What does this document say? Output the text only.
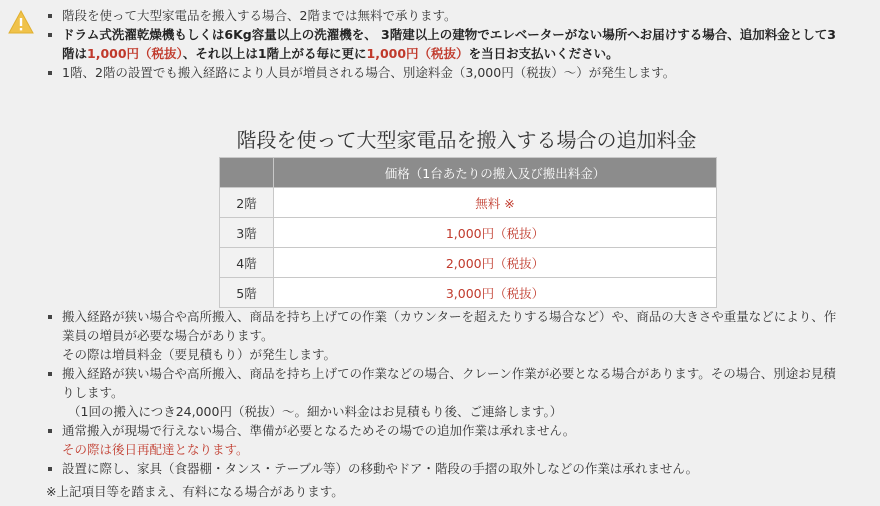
階段を使って大型家電品を搬入する場合、2階までは無料で承ります。
ドラム式洗濯乾燥機もしくは6Kg容量以上の洗濯機を、 3階建以上の建物でエレベーターがない場所へお届けする場合、追加料金として3
階は1,000円（税抜）、それ以上は1階上がる毎に更に1,000円（税抜）を当日お支払いください。
1階、2階の設置でも搬入経路により人員が増員される場合、別途料金（3,000円（税抜）〜）が発生します。
階段を使って大型家電品を搬入する場合の追加料金
	価格（1台あたりの搬入及び搬出料金）
2階	無料 ※
3階	1,000円（税抜）
4階	2,000円（税抜）
5階	3,000円（税抜）
搬入経路が狭い場合や高所搬入、商品を持ち上げての作業（カウンターを超えたりする場合など）や、商品の大きさや重量などにより、作
業員の増員が必要な場合があります。
その際は増員料金（要見積もり）が発生します。
搬入経路が狭い場合や高所搬入、商品を持ち上げての作業などの場合、クレーン作業が必要となる場合があります。その場合、別途お見積
りします。
（1回の搬入につき24,000円（税抜）〜。細かい料金はお見積もり後、ご連絡します。）
通常搬入が現場で行えない場合、準備が必要となるためその場での追加作業は承れません。
その際は後日再配達となります。
設置に際し、家具（食器棚・タンス・テーブル等）の移動やドア・階段の手摺の取外しなどの作業は承れません。
※上記項目等を踏まえ、有料になる場合があります。
